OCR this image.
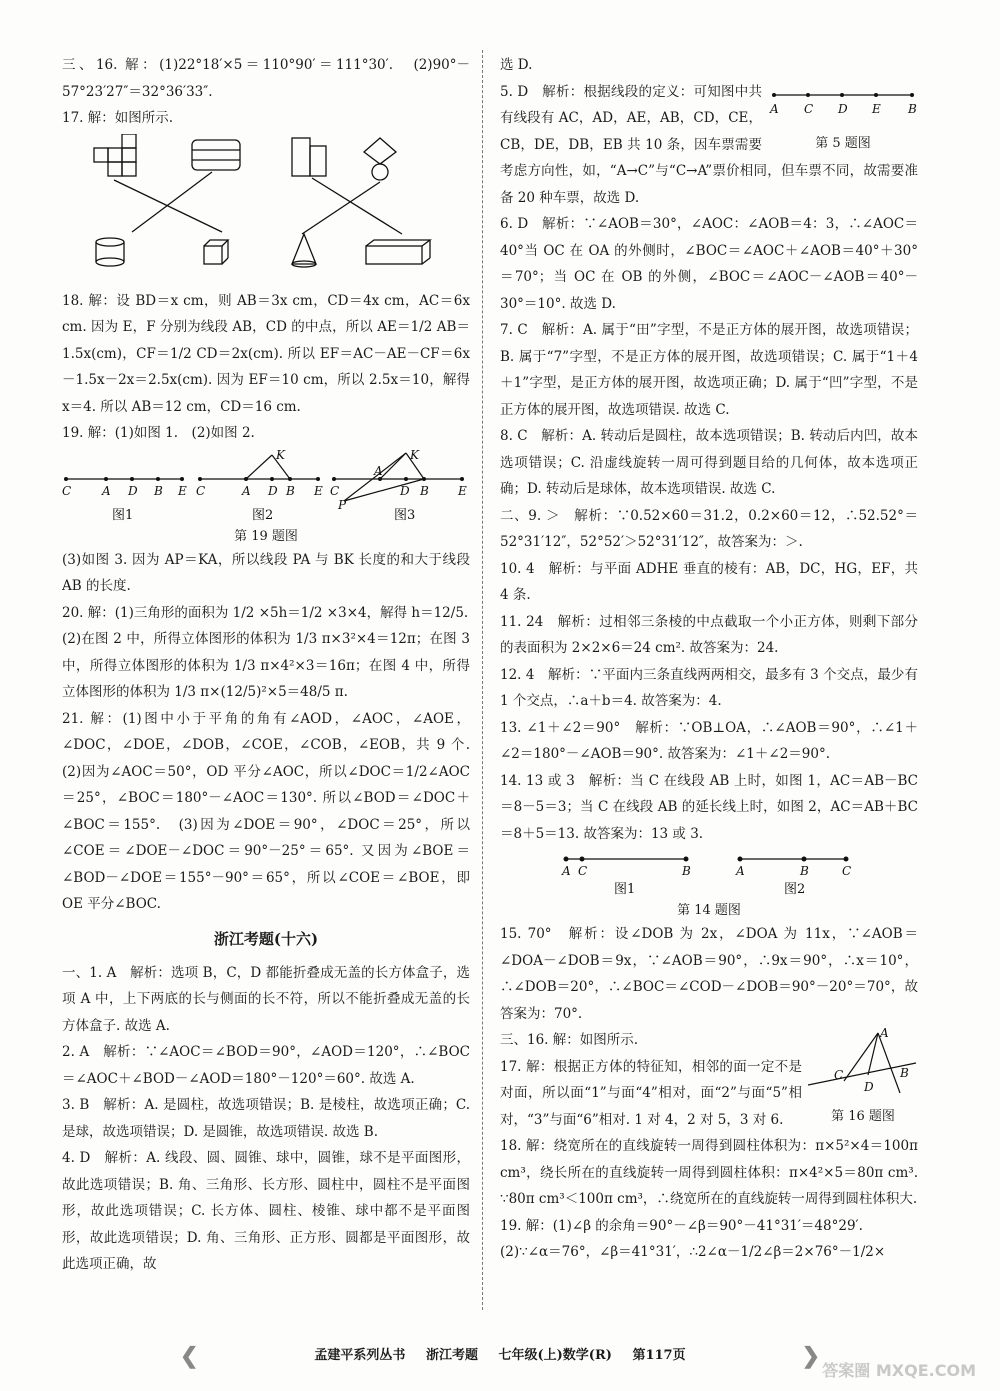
三、16. 解：(1)22°18′×5＝110°90′＝111°30′.　(2)90°－57°23′27″＝32°36′33″.

17. 解：如图所示.

18. 解：设 BD＝x cm，则 AB＝3x cm，CD＝4x cm，AC＝6x cm. 因为 E，F 分别为线段 AB，CD 的中点，所以 AE＝1/2 AB＝1.5x(cm)，CF＝1/2 CD＝2x(cm). 所以 EF＝AC－AE－CF＝6x－1.5x－2x＝2.5x(cm). 因为 EF＝10 cm，所以 2.5x＝10，解得 x＝4. 所以 AB＝12 cm，CD＝16 cm.

19. 解：(1)如图 1.　(2)如图 2.

C	A D B E C	A D B E
K
C
A
D B E
K
P
图1	图2	图3
第 19 题图

(3)如图 3. 因为 AP＝KA，所以线段 PA 与 BK 长度的和大于线段 AB 的长度.

20. 解：(1)三角形的面积为 1/2 ×5h＝1/2 ×3×4，解得 h＝12/5.

(2)在图 2 中，所得立体图形的体积为 1/3 π×3²×4＝12π；在图 3 中，所得立体图形的体积为 1/3 π×4²×3＝16π；在图 4 中，所得立体图形的体积为 1/3 π×(12/5)²×5＝48/5 π.

21. 解：(1)图中小于平角的角有∠AOD，∠AOC，∠AOE，∠DOC，∠DOE，∠DOB，∠COE，∠COB，∠EOB，共 9 个.　(2)因为∠AOC＝50°，OD 平分∠AOC，所以∠DOC＝1/2∠AOC＝25°，∠BOC＝180°－∠AOC＝130°. 所以∠BOD＝∠DOC＋∠BOC＝155°.　(3)因为∠DOE＝90°，∠DOC＝25°，所以∠COE＝∠DOE－∠DOC＝90°－25°＝65°. 又因为∠BOE＝∠BOD－∠DOE＝155°－90°＝65°，所以∠COE＝∠BOE，即 OE 平分∠BOC.

浙江考题(十六)

一、1. A　解析：选项 B，C，D 都能折叠成无盖的长方体盒子，选项 A 中，上下两底的长与侧面的长不符，所以不能折叠成无盖的长方体盒子. 故选 A.

2. A　解析：∵∠AOC＝∠BOD＝90°，∠AOD＝120°，∴∠BOC＝∠AOC＋∠BOD－∠AOD＝180°－120°＝60°. 故选 A.

3. B　解析：A. 是圆柱，故选项错误；B. 是棱柱，故选项正确；C. 是球，故选项错误；D. 是圆锥，故选项错误. 故选 B.

4. D　解析：A. 线段、圆、圆锥、球中，圆锥，球不是平面图形，故此选项错误；B. 角、三角形、长方形、圆柱中，圆柱不是平面图形，故此选项错误；C. 长方体、圆柱、棱锥、球中都不是平面图形，故此选项错误；D. 角、三角形、正方形、圆都是平面图形，故此选项正确，故

选 D.

A C D E B
第 5 题图

5. D　解析：根据线段的定义：可知图中共有线段有 AC，AD，AE，AB，CD，CE，CB，DE，DB，EB 共 10 条，因车票需要考虑方向性，如，“A→C”与“C→A”票价相同，但车票不同，故需要准备 20 种车票，故选 D.

6. D　解析：∵∠AOB＝30°，∠AOC：∠AOB＝4：3，∴∠AOC＝40°当 OC 在 OA 的外侧时，∠BOC＝∠AOC＋∠AOB＝40°＋30°＝70°；当 OC 在 OB 的外侧，∠BOC＝∠AOC－∠AOB＝40°－30°＝10°. 故选 D.

7. C　解析：A. 属于“田”字型，不是正方体的展开图，故选项错误；B. 属于“7”字型，不是正方体的展开图，故选项错误；C. 属于“1＋4＋1”字型，是正方体的展开图，故选项正确；D. 属于“凹”字型，不是正方体的展开图，故选项错误. 故选 C.

8. C　解析：A. 转动后是圆柱，故本选项错误；B. 转动后内凹，故本选项错误；C. 沿虚线旋转一周可得到题目给的几何体，故本选项正确；D. 转动后是球体，故本选项错误. 故选 C.

二、9. ＞　解析：∵0.52×60＝31.2，0.2×60＝12，∴52.52°＝52°31′12″，52°52′＞52°31′12″，故答案为：＞.

10. 4　解析：与平面 ADHE 垂直的棱有：AB，DC，HG，EF，共 4 条.

11. 24　解析：过相邻三条棱的中点截取一个小正方体，则剩下部分的表面积为 2×2×6＝24 cm². 故答案为：24.

12. 4　解析：∵平面内三条直线两两相交，最多有 3 个交点，最少有 1 个交点，∴a＋b＝4. 故答案为：4.

13. ∠1＋∠2＝90°　解析：∵OB⊥OA，∴∠AOB＝90°，∴∠1＋∠2＝180°－∠AOB＝90°. 故答案为：∠1＋∠2＝90°.

14. 13 或 3　解析：当 C 在线段 AB 上时，如图 1，AC＝AB－BC＝8－5＝3；当 C 在线段 AB 的延长线上时，如图 2，AC＝AB＋BC＝8＋5＝13. 故答案为：13 或 3.

A C	B	A	B	C
图1	图2
第 14 题图

15. 70°　解析：设∠DOB 为 2x，∠DOA 为 11x，∵∠AOB＝∠DOA－∠DOB＝9x，∵∠AOB＝90°，∴9x＝90°，∴x＝10°，∴∠DOB＝20°，∴∠BOC＝∠COD－∠DOB＝90°－20°＝70°，故答案为：70°.

A
C
D
B
第 16 题图

三、16. 解：如图所示.

17. 解：根据正方体的特征知，相邻的面一定不是对面，所以面“1”与面“4”相对，面“2”与面“5”相对，“3”与面“6”相对. 1 对 4，2 对 5，3 对 6.

18. 解：绕宽所在的直线旋转一周得到圆柱体积为：π×5²×4＝100π cm³，绕长所在的直线旋转一周得到圆柱体积：π×4²×5＝80π cm³. ∵80π cm³＜100π cm³，∴绕宽所在的直线旋转一周得到圆柱体积大.

19. 解：(1)∠β 的余角＝90°－∠β＝90°－41°31′＝48°29′.

(2)∵∠α＝76°，∠β＝41°31′，∴2∠α－1/2∠β＝2×76°－1/2×

❮	孟建平系列丛书 浙江考题 七年级(上)数学(R) 第117页	❯
答案圈 MXQE.COM
